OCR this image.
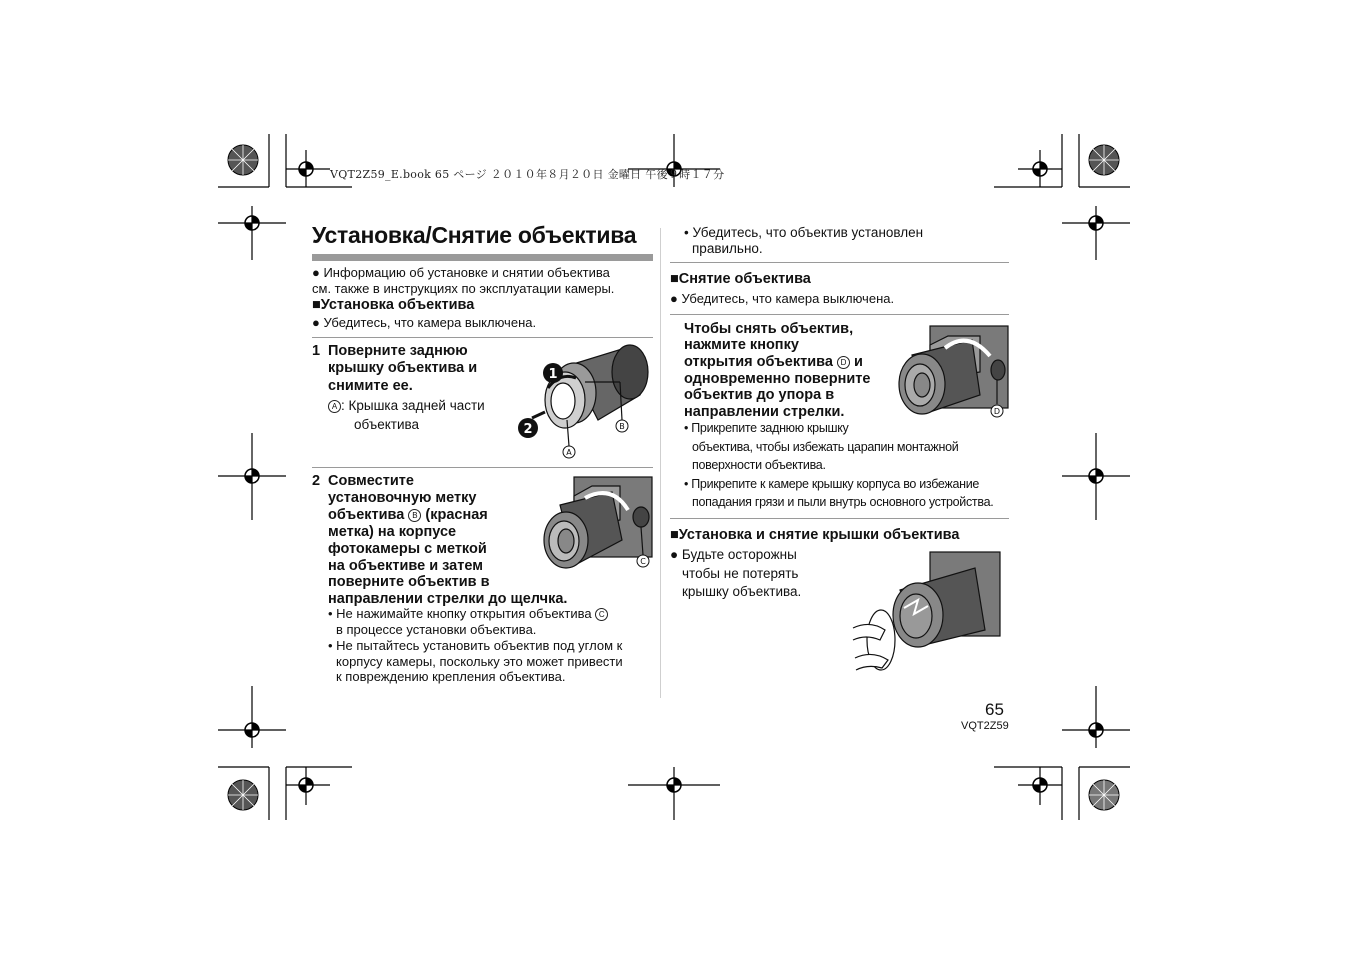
VQT2Z59_E.book 65 ページ ２０１０年８月２０日 金曜日 午後９時１７分
Установка/Снятие объектива
● Информацию об установке и снятии объектива
см. также в инструкциях по эксплуатации камеры.
■Установка объектива
● Убедитесь, что камера выключена.
1 Поверните заднюю
крышку объектива и
снимите ее.
A : Крышка задней части
объектива
1
2
A
B
2 Совместите
установочную метку
объектива B (красная
метка) на корпусе
фотокамеры с меткой
на объективе и затем
поверните объектив в
направлении стрелки до щелчка.
• Не нажимайте кнопку открытия объектива C
в процессе установки объектива.
• Не пытайтесь установить объектив под углом к
корпусу камеры, поскольку это может привести
к повреждению крепления объектива.
C
• Убедитесь, что объектив установлен
правильно.
■Снятие объектива
● Убедитесь, что камера выключена.
Чтобы снять объектив,
нажмите кнопку
открытия объектива D и
одновременно поверните
объектив до упора в
направлении стрелки.
• Прикрепите заднюю крышку
объектива, чтобы избежать царапин монтажной
поверхности объектива.
• Прикрепите к камере крышку корпуса во избежание
попадания грязи и пыли внутрь основного устройства.
D
■Установка и снятие крышки объектива
● Будьте осторожны
чтобы не потерять
крышку объектива.
65
VQT2Z59
